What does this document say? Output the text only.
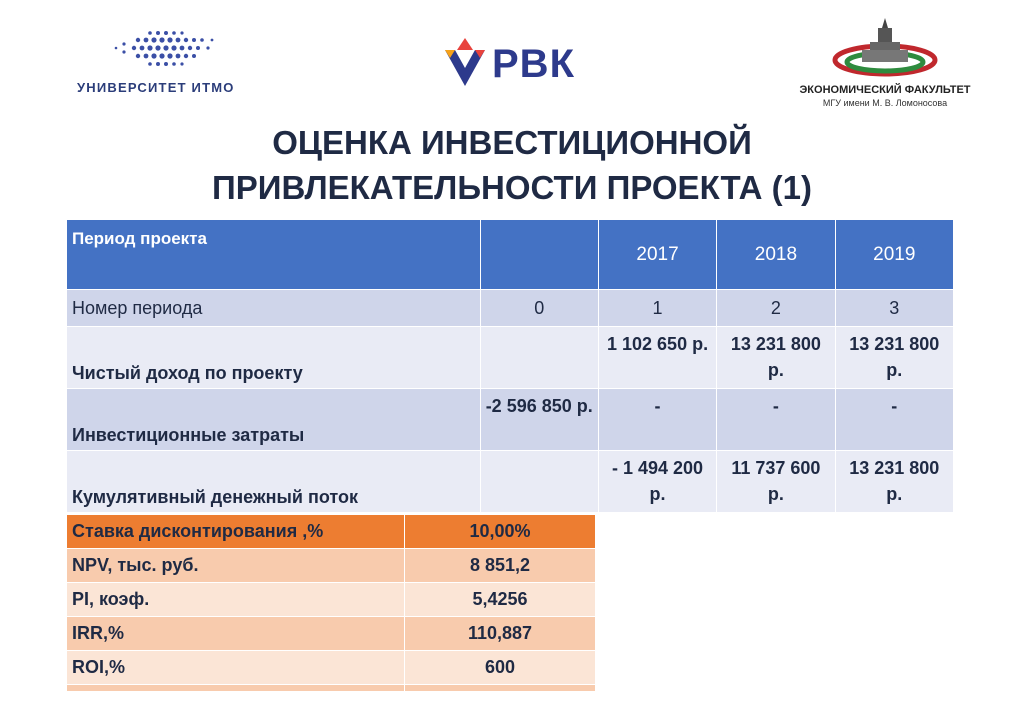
УНИВЕРСИТЕТ ИТМО
РВК
ЭКОНОМИЧЕСКИЙ ФАКУЛЬТЕТ
МГУ имени М. В. Ломоносова
ОЦЕНКА ИНВЕСТИЦИОННОЙ
ПРИВЛЕКАТЕЛЬНОСТИ ПРОЕКТА (1)
Период проекта		2017	2018	2019
Номер периода	0	1	2	3
Чистый доход по проекту		1 102 650 р.	13 231 800 р.	13 231 800 р.
Инвестиционные затраты	-2 596 850 р.	-	-	-
Кумулятивный денежный поток		- 1 494 200 р.	11 737 600 р.	13 231 800 р.
Ставка дисконтирования ,%	10,00%
NPV, тыс. руб.	8 851,2
PI, коэф.	5,4256
IRR,%	110,887
ROI,%	600
